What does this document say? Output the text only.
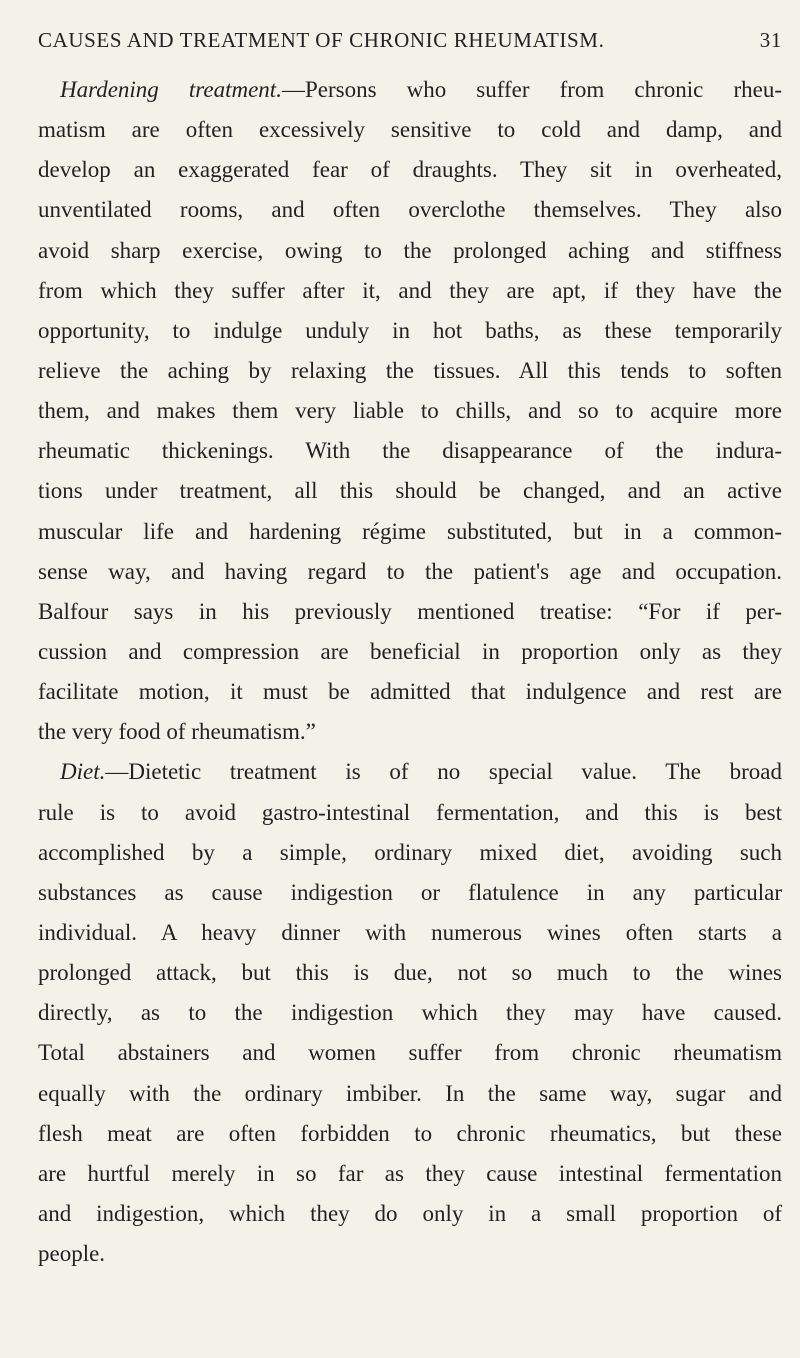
CAUSES AND TREATMENT OF CHRONIC RHEUMATISM.	31
Hardening treatment.—Persons who suffer from chronic rheu-
matism are often excessively sensitive to cold and damp, and
develop an exaggerated fear of draughts. They sit in overheated,
unventilated rooms, and often overclothe themselves. They also
avoid sharp exercise, owing to the prolonged aching and stiffness
from which they suffer after it, and they are apt, if they have the
opportunity, to indulge unduly in hot baths, as these temporarily
relieve the aching by relaxing the tissues. All this tends to soften
them, and makes them very liable to chills, and so to acquire more
rheumatic thickenings. With the disappearance of the indura-
tions under treatment, all this should be changed, and an active
muscular life and hardening régime substituted, but in a common-
sense way, and having regard to the patient's age and occupation.
Balfour says in his previously mentioned treatise: “For if per-
cussion and compression are beneficial in proportion only as they
facilitate motion, it must be admitted that indulgence and rest are
the very food of rheumatism.”
Diet.—Dietetic treatment is of no special value. The broad
rule is to avoid gastro-intestinal fermentation, and this is best
accomplished by a simple, ordinary mixed diet, avoiding such
substances as cause indigestion or flatulence in any particular
individual. A heavy dinner with numerous wines often starts a
prolonged attack, but this is due, not so much to the wines
directly, as to the indigestion which they may have caused.
Total abstainers and women suffer from chronic rheumatism
equally with the ordinary imbiber. In the same way, sugar and
flesh meat are often forbidden to chronic rheumatics, but these
are hurtful merely in so far as they cause intestinal fermentation
and indigestion, which they do only in a small proportion of
people.
